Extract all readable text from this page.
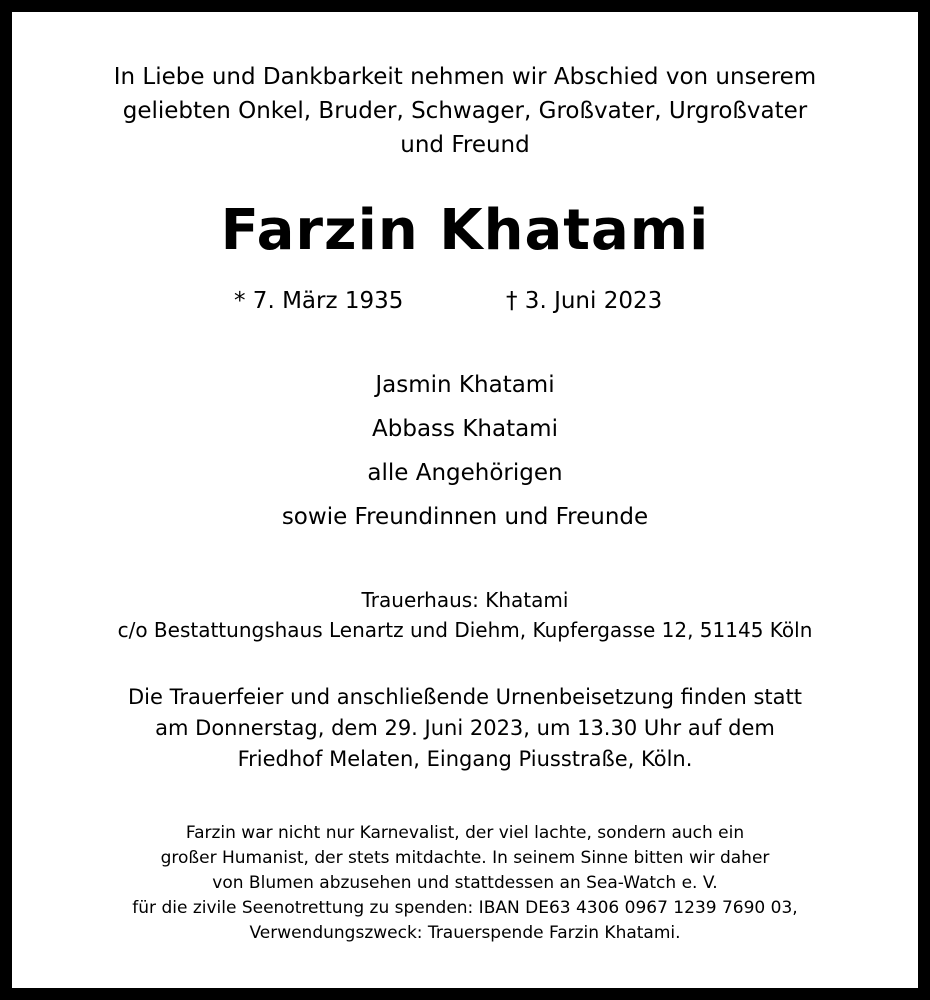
In Liebe und Dankbarkeit nehmen wir Abschied von unserem
geliebten Onkel, Bruder, Schwager, Großvater, Urgroßvater
und Freund
Farzin Khatami
* 7. März 1935	† 3. Juni 2023
Jasmin Khatami
Abbass Khatami
alle Angehörigen
sowie Freundinnen und Freunde
Trauerhaus: Khatami
c/o Bestattungshaus Lenartz und Diehm, Kupfergasse 12, 51145 Köln
Die Trauerfeier und anschließende Urnenbeisetzung finden statt
am Donnerstag, dem 29. Juni 2023, um 13.30 Uhr auf dem
Friedhof Melaten, Eingang Piusstraße, Köln.
Farzin war nicht nur Karnevalist, der viel lachte, sondern auch ein
großer Humanist, der stets mitdachte. In seinem Sinne bitten wir daher
von Blumen abzusehen und stattdessen an Sea-Watch e. V.
für die zivile Seenotrettung zu spenden: IBAN DE63 4306 0967 1239 7690 03,
Verwendungszweck: Trauerspende Farzin Khatami.
